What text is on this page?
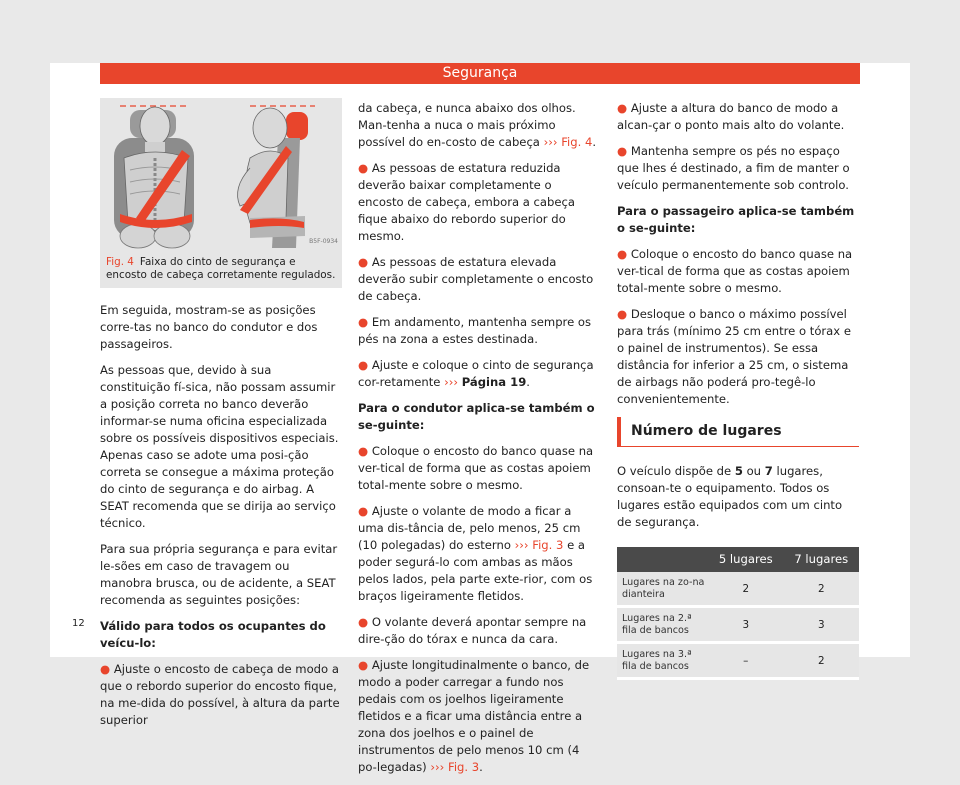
Segurança
B5F-0934
Fig. 4 Faixa do cinto de segurança e encosto de cabeça corretamente regulados.

Em seguida, mostram-se as posições corre-tas no banco do condutor e dos passageiros.

As pessoas que, devido à sua constituição fí-sica, não possam assumir a posição correta no banco deverão informar-se numa oficina especializada sobre os possíveis dispositivos especiais. Apenas caso se adote uma posi-ção correta se consegue a máxima proteção do cinto de segurança e do airbag. A SEAT recomenda que se dirija ao serviço técnico.

Para sua própria segurança e para evitar le-sões em caso de travagem ou manobra brusca, ou de acidente, a SEAT recomenda as seguintes posições:

Válido para todos os ocupantes do veícu-lo:

● Ajuste o encosto de cabeça de modo a que o rebordo superior do encosto fique, na me-dida do possível, à altura da parte superior

da cabeça, e nunca abaixo dos olhos. Man-tenha a nuca o mais próximo possível do en-costo de cabeça ››› Fig. 4.

● As pessoas de estatura reduzida deverão baixar completamente o encosto de cabeça, embora a cabeça fique abaixo do rebordo superior do mesmo.

● As pessoas de estatura elevada deverão subir completamente o encosto de cabeça.

● Em andamento, mantenha sempre os pés na zona a estes destinada.

● Ajuste e coloque o cinto de segurança cor-retamente ››› Página 19.

Para o condutor aplica-se também o se-guinte:

● Coloque o encosto do banco quase na ver-tical de forma que as costas apoiem total-mente sobre o mesmo.

● Ajuste o volante de modo a ficar a uma dis-tância de, pelo menos, 25 cm (10 polegadas) do esterno ››› Fig. 3 e a poder segurá-lo com ambas as mãos pelos lados, pela parte exte-rior, com os braços ligeiramente fletidos.

● O volante deverá apontar sempre na dire-ção do tórax e nunca da cara.

● Ajuste longitudinalmente o banco, de modo a poder carregar a fundo nos pedais com os joelhos ligeiramente fletidos e a ficar uma distância entre a zona dos joelhos e o painel de instrumentos de pelo menos 10 cm (4 po-legadas) ››› Fig. 3.

● Ajuste a altura do banco de modo a alcan-çar o ponto mais alto do volante.

● Mantenha sempre os pés no espaço que lhes é destinado, a fim de manter o veículo permanentemente sob controlo.

Para o passageiro aplica-se também o se-guinte:

● Coloque o encosto do banco quase na ver-tical de forma que as costas apoiem total-mente sobre o mesmo.

● Desloque o banco o máximo possível para trás (mínimo 25 cm entre o tórax e o painel de instrumentos). Se essa distância for inferior a 25 cm, o sistema de airbags não poderá pro-tegê-lo convenientemente.

Número de lugares

O veículo dispõe de 5 ou 7 lugares, consoan-te o equipamento. Todos os lugares estão equipados com um cinto de segurança.

	5 lugares	7 lugares
Lugares na zo-na dianteira	2	2
Lugares na 2.ª fila de bancos	3	3
Lugares na 3.ª fila de bancos	–	2
12
